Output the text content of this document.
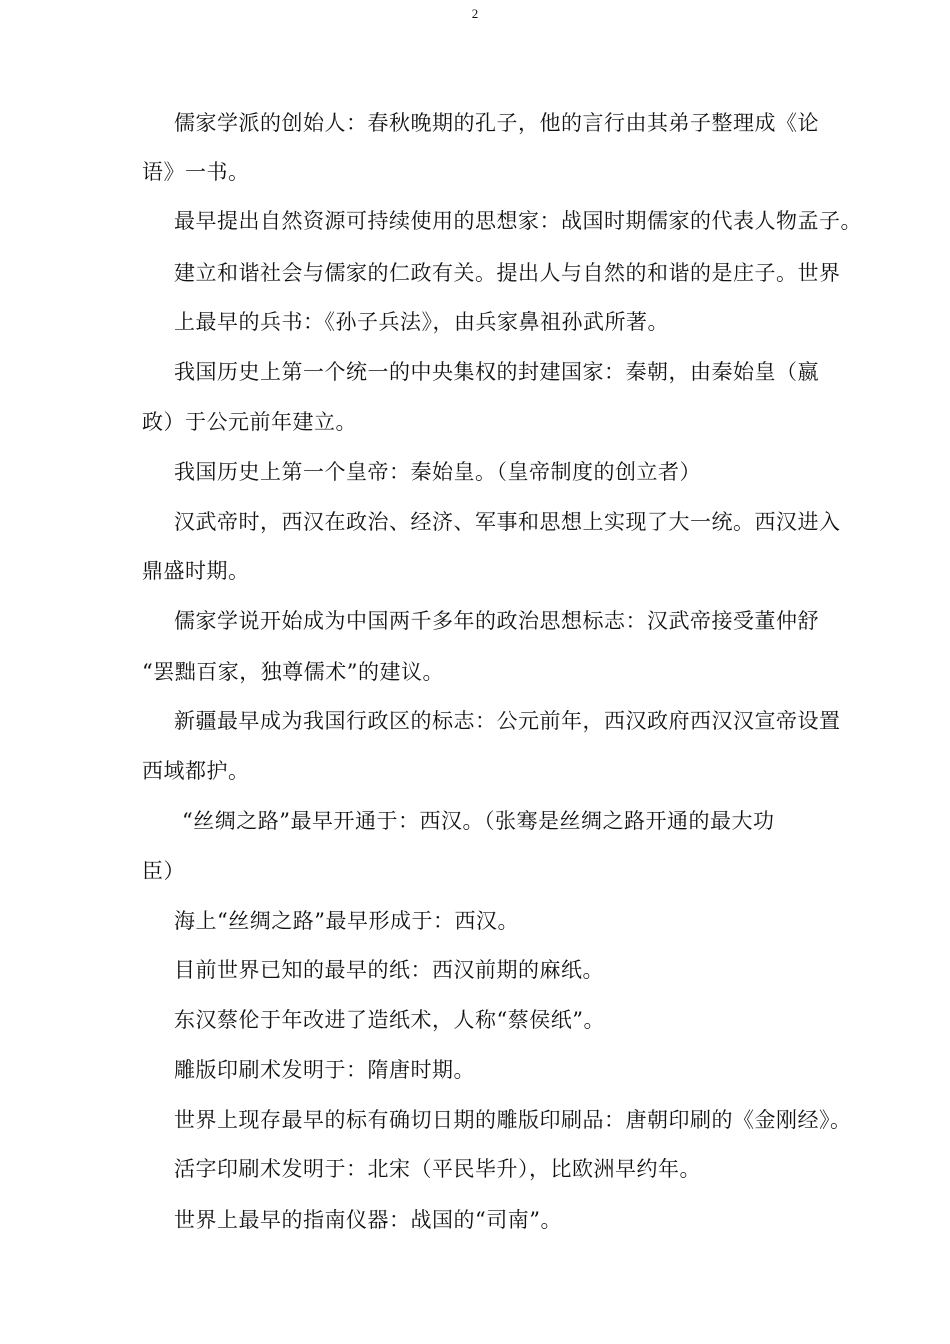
2
儒家学派的创始人：春秋晚期的孔子，他的言行由其弟子整理成《论
语》一书。
最早提出自然资源可持续使用的思想家：战国时期儒家的代表人物孟子。
建立和谐社会与儒家的仁政有关。提出人与自然的和谐的是庄子。世界
上最早的兵书：《孙子兵法》，由兵家鼻祖孙武所著。
我国历史上第一个统一的中央集权的封建国家：秦朝，由秦始皇（嬴
政）于公元前年建立。
我国历史上第一个皇帝：秦始皇。（皇帝制度的创立者）
汉武帝时，西汉在政治、经济、军事和思想上实现了大一统。西汉进入
鼎盛时期。
儒家学说开始成为中国两千多年的政治思想标志：汉武帝接受董仲舒
“罢黜百家，独尊儒术”的建议。
新疆最早成为我国行政区的标志：公元前年，西汉政府西汉汉宣帝设置
西域都护。
“丝绸之路”最早开通于：西汉。（张骞是丝绸之路开通的最大功
臣）
海上“丝绸之路”最早形成于：西汉。
目前世界已知的最早的纸：西汉前期的麻纸。
东汉蔡伦于年改进了造纸术，人称“蔡侯纸”。
雕版印刷术发明于：隋唐时期。
世界上现存最早的标有确切日期的雕版印刷品：唐朝印刷的《金刚经》。
活字印刷术发明于：北宋（平民毕升），比欧洲早约年。
世界上最早的指南仪器：战国的“司南”。
